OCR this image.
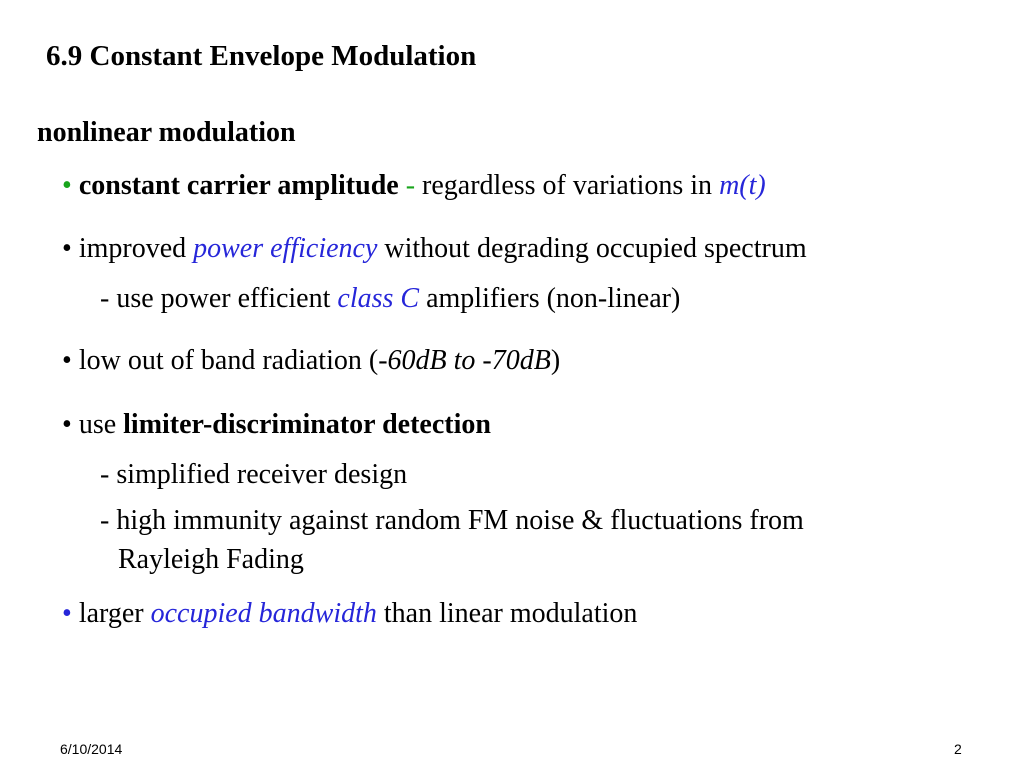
6.9 Constant Envelope Modulation
nonlinear modulation
• constant carrier amplitude - regardless of variations in m(t)
• improved power efficiency without degrading occupied spectrum
- use power efficient class C amplifiers (non-linear)
• low out of band radiation (-60dB to -70dB)
• use limiter-discriminator detection
- simplified receiver design
- high immunity against random FM noise & fluctuations from
Rayleigh Fading
• larger occupied bandwidth than linear modulation
6/10/2014	2
